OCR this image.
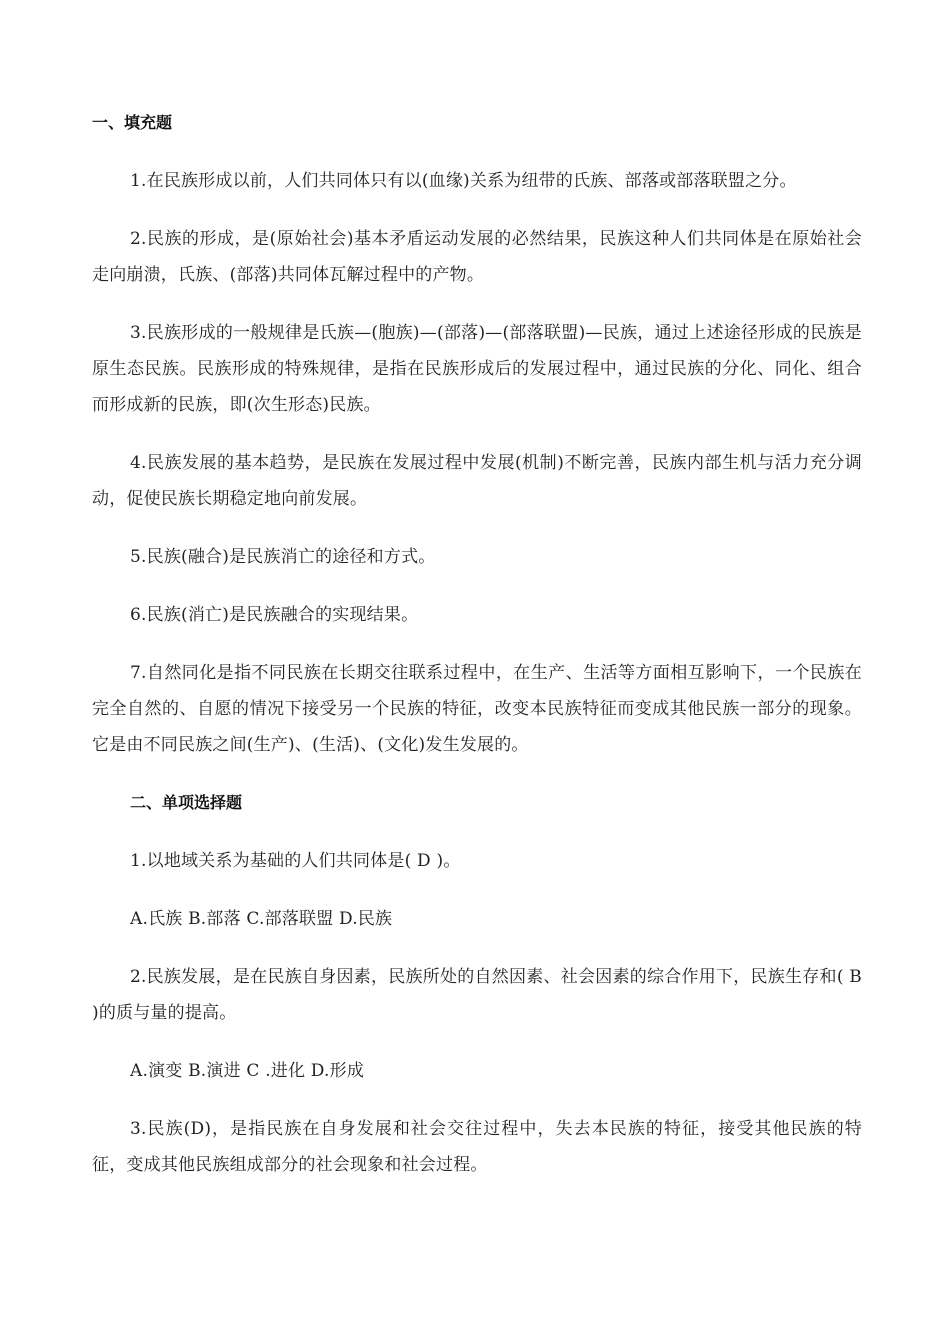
一、填充题

1.在民族形成以前，人们共同体只有以(血缘)关系为纽带的氏族、部落或部落联盟之分。

2.民族的形成，是(原始社会)基本矛盾运动发展的必然结果，民族这种人们共同体是在原始社会走向崩溃，氏族、(部落)共同体瓦解过程中的产物。

3.民族形成的一般规律是氏族—(胞族)—(部落)—(部落联盟)—民族，通过上述途径形成的民族是原生态民族。民族形成的特殊规律，是指在民族形成后的发展过程中，通过民族的分化、同化、组合而形成新的民族，即(次生形态)民族。

4.民族发展的基本趋势，是民族在发展过程中发展(机制)不断完善，民族内部生机与活力充分调动，促使民族长期稳定地向前发展。

5.民族(融合)是民族消亡的途径和方式。

6.民族(消亡)是民族融合的实现结果。

7.自然同化是指不同民族在长期交往联系过程中，在生产、生活等方面相互影响下，一个民族在完全自然的、自愿的情况下接受另一个民族的特征，改变本民族特征而变成其他民族一部分的现象。它是由不同民族之间(生产)、(生活)、(文化)发生发展的。

二、单项选择题

1.以地域关系为基础的人们共同体是( D )。

A.氏族 B.部落 C.部落联盟 D.民族

2.民族发展，是在民族自身因素，民族所处的自然因素、社会因素的综合作用下，民族生存和( B )的质与量的提高。

A.演变 B.演进 C .进化 D.形成

3.民族(D)，是指民族在自身发展和社会交往过程中，失去本民族的特征，接受其他民族的特征，变成其他民族组成部分的社会现象和社会过程。
